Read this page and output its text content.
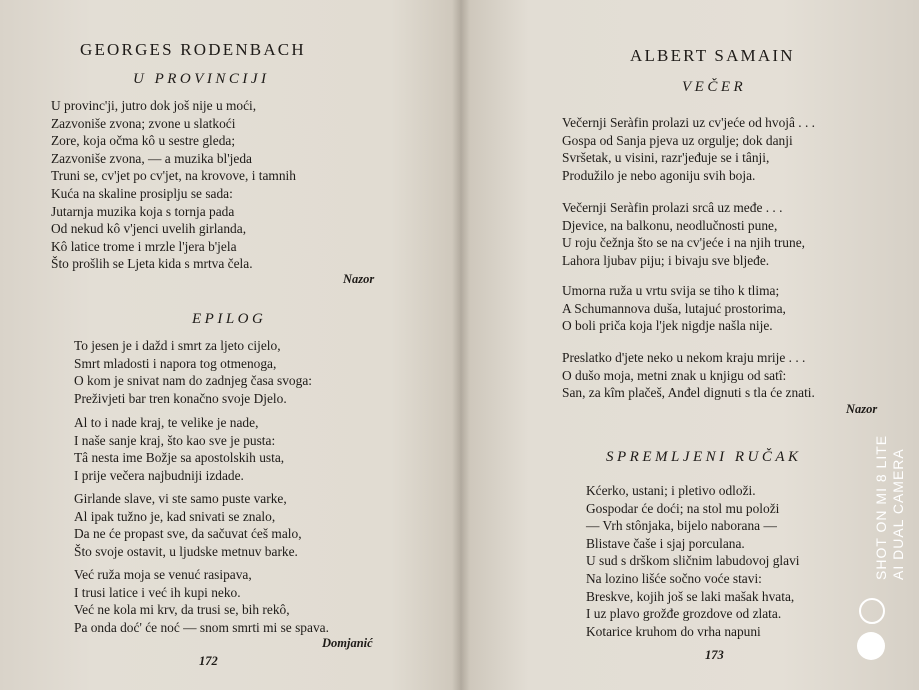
GEORGES RODENBACH
U PROVINCIJI
U provinc'ji, jutro dok još nije u moći,
Zazvoniše zvona; zvone u slatkoći
Zore, koja očma kô u sestre gleda;
Zazvoniše zvona, — a muzika bl'jeda
Truni se, cv'jet po cv'jet, na krovove, i tamnih
Kuća na skaline prosiplju se sada:
Jutarnja muzika koja s tornja pada
Od nekud kô v'jenci uvelih girlanda,
Kô latice trome i mrzle l'jera b'jela
Što prošlih se Ljeta kida s mrtva čela.
Nazor
EPILOG
To jesen je i dažd i smrt za ljeto cijelo,
Smrt mladosti i napora tog otmenoga,
O kom je snivat nam do zadnjeg časa svoga:
Preživjeti bar tren konačno svoje Djelo.
Al to i nade kraj, te velike je nade,
I naše sanje kraj, što kao sve je pusta:
Tâ nesta ime Božje sa apostolskih usta,
I prije večera najbudniji izdade.
Girlande slave, vi ste samo puste varke,
Al ipak tužno je, kad snivati se znalo,
Da ne će propast sve, da sačuvat ćeš malo,
Što svoje ostavit, u ljudske metnuv barke.
Već ruža moja se venuć rasipava,
I trusi latice i već ih kupi neko.
Već ne kola mi krv, da trusi se, bih rekô,
Pa onda doć' će noć — snom smrti mi se spava.
Domjanić
172
ALBERT SAMAIN
VEČER
Večernji Seràfin prolazi uz cv'jeće od hvojâ . . .
Gospa od Sanja pjeva uz orgulje; dok danji
Svršetak, u visini, razr'jeđuje se i tânji,
Produžilo je nebo agoniju svih boja.
Večernji Seràfin prolazi srcâ uz međe . . .
Djevice, na balkonu, neodlučnosti pune,
U roju čežnja što se na cv'jeće i na njih trune,
Lahora ljubav piju; i bivaju sve bljeđe.
Umorna ruža u vrtu svija se tiho k tlima;
A Schumannova duša, lutajuć prostorima,
O boli priča koja l'jek nigdje našla nije.
Preslatko d'jete neko u nekom kraju mrije . . .
O dušo moja, metni znak u knjigu od satî:
San, za kîm plačeš, Anđel dignuti s tla će znati.
Nazor
SPREMLJENI RUČAK
Kćerko, ustani; i pletivo odloži.
Gospodar će doći; na stol mu položi
— Vrh stônjaka, bijelo naborana —
Blistave čaše i sjaj porculana.
U sud s drškom sličnim labudovoj glavi
Na lozino lišće sočno voće stavi:
Breskve, kojih još se laki mašak hvata,
I uz plavo grožđe grozdove od zlata.
Kotarice kruhom do vrha napuni
173
SHOT ON MI 8 LITE AI DUAL CAMERA
